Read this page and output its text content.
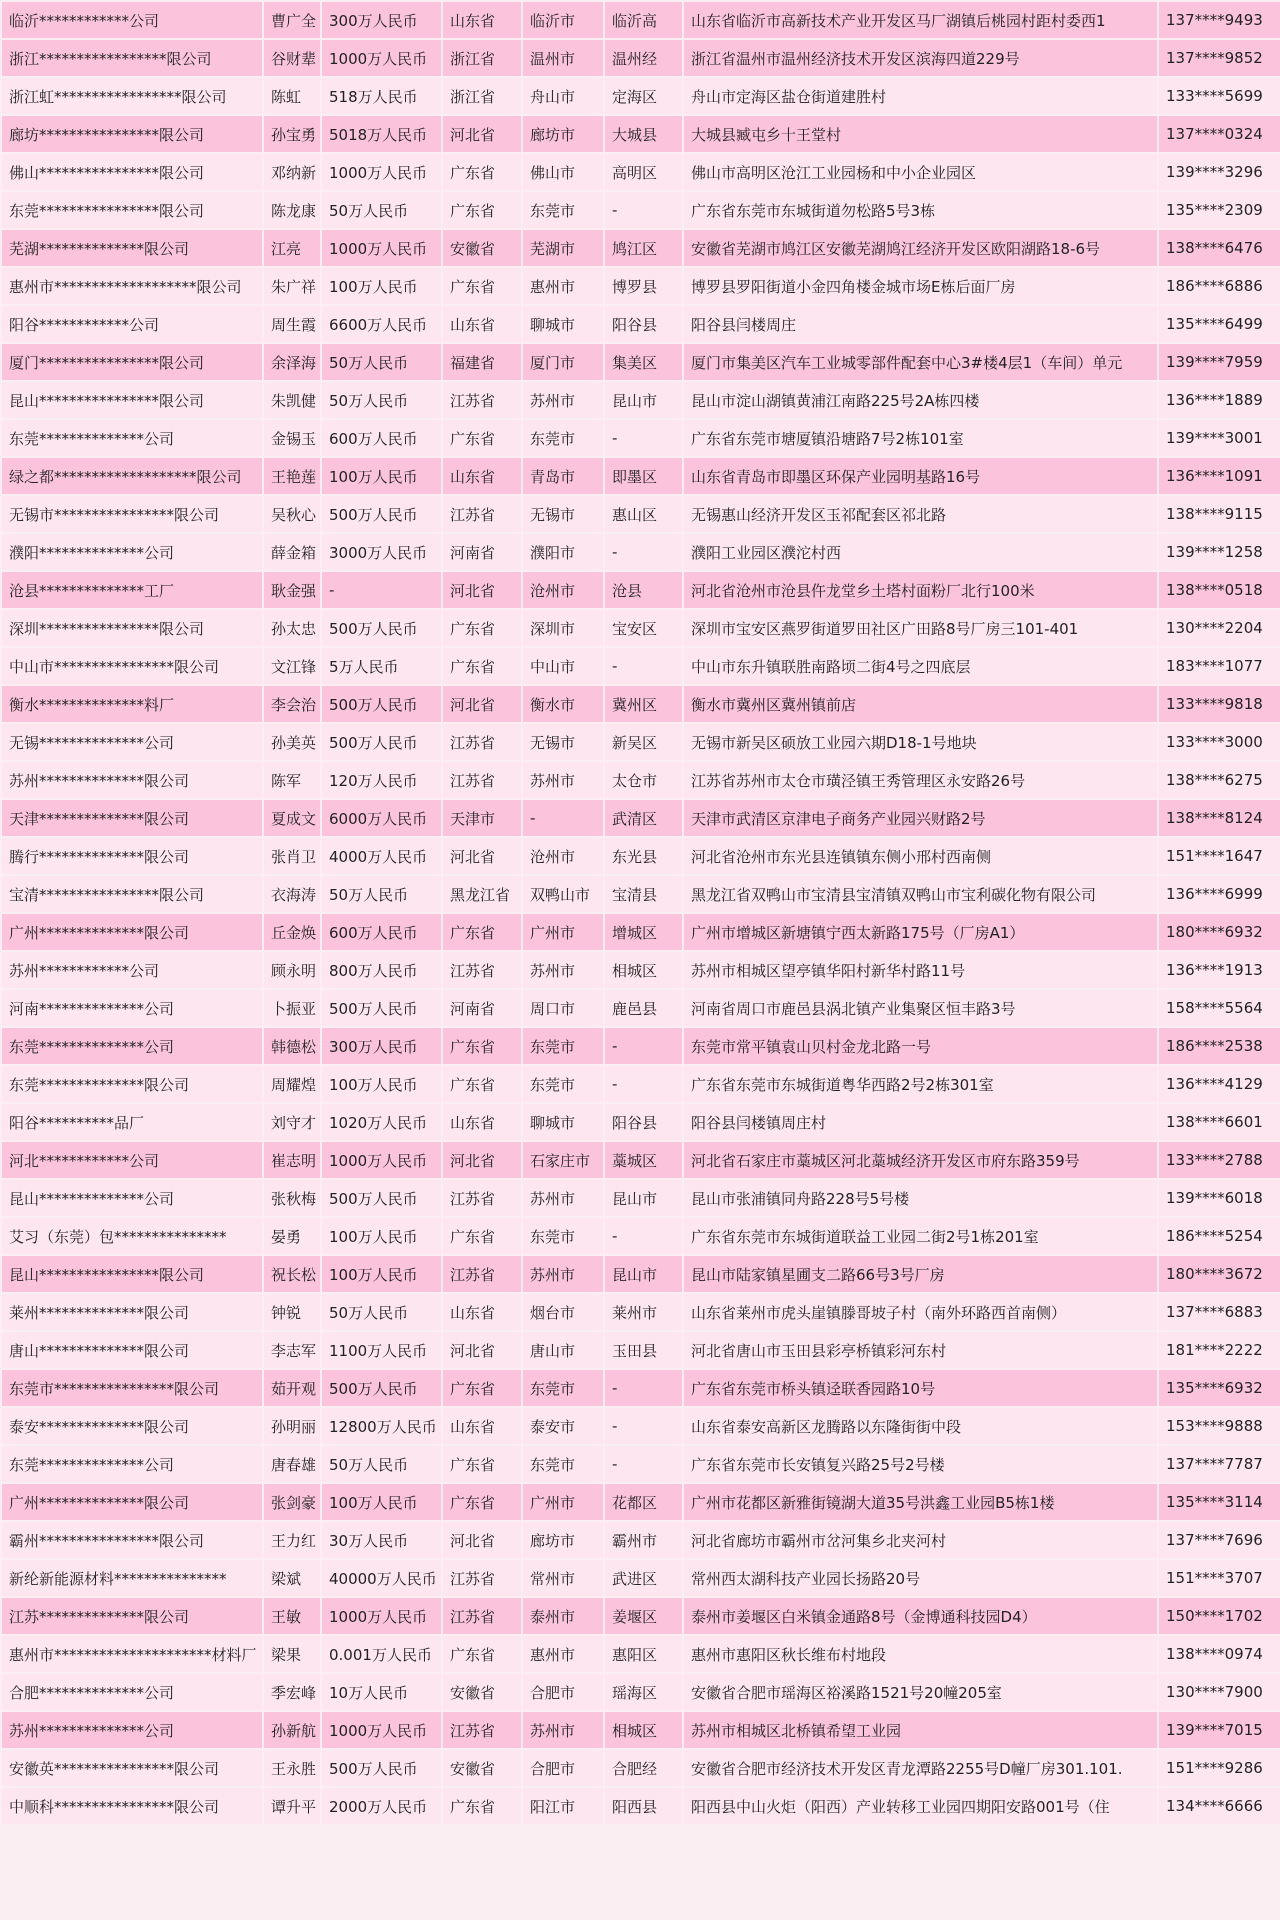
临沂************公司	曹广全	300万人民币	山东省	临沂市	临沂高	山东省临沂市高新技术产业开发区马厂湖镇后桃园村距村委西1	137****9493
浙江*****************限公司	谷财辈	1000万人民币	浙江省	温州市	温州经	浙江省温州市温州经济技术开发区滨海四道229号	137****9852
浙江虹*****************限公司	陈虹	518万人民币	浙江省	舟山市	定海区	舟山市定海区盐仓街道建胜村	133****5699
廊坊****************限公司	孙宝勇	5018万人民币	河北省	廊坊市	大城县	大城县臧屯乡十王堂村	137****0324
佛山****************限公司	邓纳新	1000万人民币	广东省	佛山市	高明区	佛山市高明区沧江工业园杨和中小企业园区	139****3296
东莞****************限公司	陈龙康	50万人民币	广东省	东莞市	-	广东省东莞市东城街道勿松路5号3栋	135****2309
芜湖**************限公司	江亮	1000万人民币	安徽省	芜湖市	鸠江区	安徽省芜湖市鸠江区安徽芜湖鸠江经济开发区欧阳湖路18-6号	138****6476
惠州市*******************限公司	朱广祥	100万人民币	广东省	惠州市	博罗县	博罗县罗阳街道小金四角楼金城市场E栋后面厂房	186****6886
阳谷************公司	周生霞	6600万人民币	山东省	聊城市	阳谷县	阳谷县闫楼周庄	135****6499
厦门****************限公司	余泽海	50万人民币	福建省	厦门市	集美区	厦门市集美区汽车工业城零部件配套中心3#楼4层1（车间）单元	139****7959
昆山****************限公司	朱凯健	50万人民币	江苏省	苏州市	昆山市	昆山市淀山湖镇黄浦江南路225号2A栋四楼	136****1889
东莞**************公司	金锡玉	600万人民币	广东省	东莞市	-	广东省东莞市塘厦镇沿塘路7号2栋101室	139****3001
绿之都*******************限公司	王艳莲	100万人民币	山东省	青岛市	即墨区	山东省青岛市即墨区环保产业园明基路16号	136****1091
无锡市****************限公司	吴秋心	500万人民币	江苏省	无锡市	惠山区	无锡惠山经济开发区玉祁配套区祁北路	138****9115
濮阳**************公司	薛金箱	3000万人民币	河南省	濮阳市	-	濮阳工业园区濮沱村西	139****1258
沧县**************工厂	耿金强	-	河北省	沧州市	沧县	河北省沧州市沧县仵龙堂乡土塔村面粉厂北行100米	138****0518
深圳****************限公司	孙太忠	500万人民币	广东省	深圳市	宝安区	深圳市宝安区燕罗街道罗田社区广田路8号厂房三101-401	130****2204
中山市****************限公司	文江锋	5万人民币	广东省	中山市	-	中山市东升镇联胜南路顷二街4号之四底层	183****1077
衡水**************料厂	李会治	500万人民币	河北省	衡水市	冀州区	衡水市冀州区冀州镇前店	133****9818
无锡**************公司	孙美英	500万人民币	江苏省	无锡市	新吴区	无锡市新吴区硕放工业园六期D18-1号地块	133****3000
苏州**************限公司	陈军	120万人民币	江苏省	苏州市	太仓市	江苏省苏州市太仓市璜泾镇王秀管理区永安路26号	138****6275
天津**************限公司	夏成文	6000万人民币	天津市	-	武清区	天津市武清区京津电子商务产业园兴财路2号	138****8124
腾行**************限公司	张肖卫	4000万人民币	河北省	沧州市	东光县	河北省沧州市东光县连镇镇东侧小邢村西南侧	151****1647
宝清****************限公司	衣海涛	50万人民币	黑龙江省	双鸭山市	宝清县	黑龙江省双鸭山市宝清县宝清镇双鸭山市宝利碳化物有限公司	136****6999
广州**************限公司	丘金焕	600万人民币	广东省	广州市	增城区	广州市增城区新塘镇宁西太新路175号（厂房A1）	180****6932
苏州************公司	顾永明	800万人民币	江苏省	苏州市	相城区	苏州市相城区望亭镇华阳村新华村路11号	136****1913
河南**************公司	卜振亚	500万人民币	河南省	周口市	鹿邑县	河南省周口市鹿邑县涡北镇产业集聚区恒丰路3号	158****5564
东莞**************公司	韩德松	300万人民币	广东省	东莞市	-	东莞市常平镇袁山贝村金龙北路一号	186****2538
东莞**************限公司	周耀煌	100万人民币	广东省	东莞市	-	广东省东莞市东城街道粤华西路2号2栋301室	136****4129
阳谷**********品厂	刘守才	1020万人民币	山东省	聊城市	阳谷县	阳谷县闫楼镇周庄村	138****6601
河北************公司	崔志明	1000万人民币	河北省	石家庄市	藁城区	河北省石家庄市藁城区河北藁城经济开发区市府东路359号	133****2788
昆山**************公司	张秋梅	500万人民币	江苏省	苏州市	昆山市	昆山市张浦镇同舟路228号5号楼	139****6018
艾习（东莞）包***************	晏勇	100万人民币	广东省	东莞市	-	广东省东莞市东城街道联益工业园二街2号1栋201室	186****5254
昆山****************限公司	祝长松	100万人民币	江苏省	苏州市	昆山市	昆山市陆家镇星圃支二路66号3号厂房	180****3672
莱州**************限公司	钟锐	50万人民币	山东省	烟台市	莱州市	山东省莱州市虎头崖镇滕哥坡子村（南外环路西首南侧）	137****6883
唐山**************限公司	李志军	1100万人民币	河北省	唐山市	玉田县	河北省唐山市玉田县彩亭桥镇彩河东村	181****2222
东莞市****************限公司	茹开观	500万人民币	广东省	东莞市	-	广东省东莞市桥头镇迳联香园路10号	135****6932
泰安**************限公司	孙明丽	12800万人民币	山东省	泰安市	-	山东省泰安高新区龙腾路以东隆街街中段	153****9888
东莞**************公司	唐春雄	50万人民币	广东省	东莞市	-	广东省东莞市长安镇复兴路25号2号楼	137****7787
广州**************限公司	张剑豪	100万人民币	广东省	广州市	花都区	广州市花都区新雅街镜湖大道35号洪鑫工业园B5栋1楼	135****3114
霸州****************限公司	王力红	30万人民币	河北省	廊坊市	霸州市	河北省廊坊市霸州市岔河集乡北夹河村	137****7696
新纶新能源材料***************	梁斌	40000万人民币	江苏省	常州市	武进区	常州西太湖科技产业园长扬路20号	151****3707
江苏**************限公司	王敏	1000万人民币	江苏省	泰州市	姜堰区	泰州市姜堰区白米镇金通路8号（金博通科技园D4）	150****1702
惠州市*********************材料厂	梁果	0.001万人民币	广东省	惠州市	惠阳区	惠州市惠阳区秋长维布村地段	138****0974
合肥**************公司	季宏峰	10万人民币	安徽省	合肥市	瑶海区	安徽省合肥市瑶海区裕溪路1521号20幢205室	130****7900
苏州**************公司	孙新航	1000万人民币	江苏省	苏州市	相城区	苏州市相城区北桥镇希望工业园	139****7015
安徽英****************限公司	王永胜	500万人民币	安徽省	合肥市	合肥经	安徽省合肥市经济技术开发区青龙潭路2255号D幢厂房301.101.	151****9286
中顺科****************限公司	谭升平	2000万人民币	广东省	阳江市	阳西县	阳西县中山火炬（阳西）产业转移工业园四期阳安路001号（住	134****6666
